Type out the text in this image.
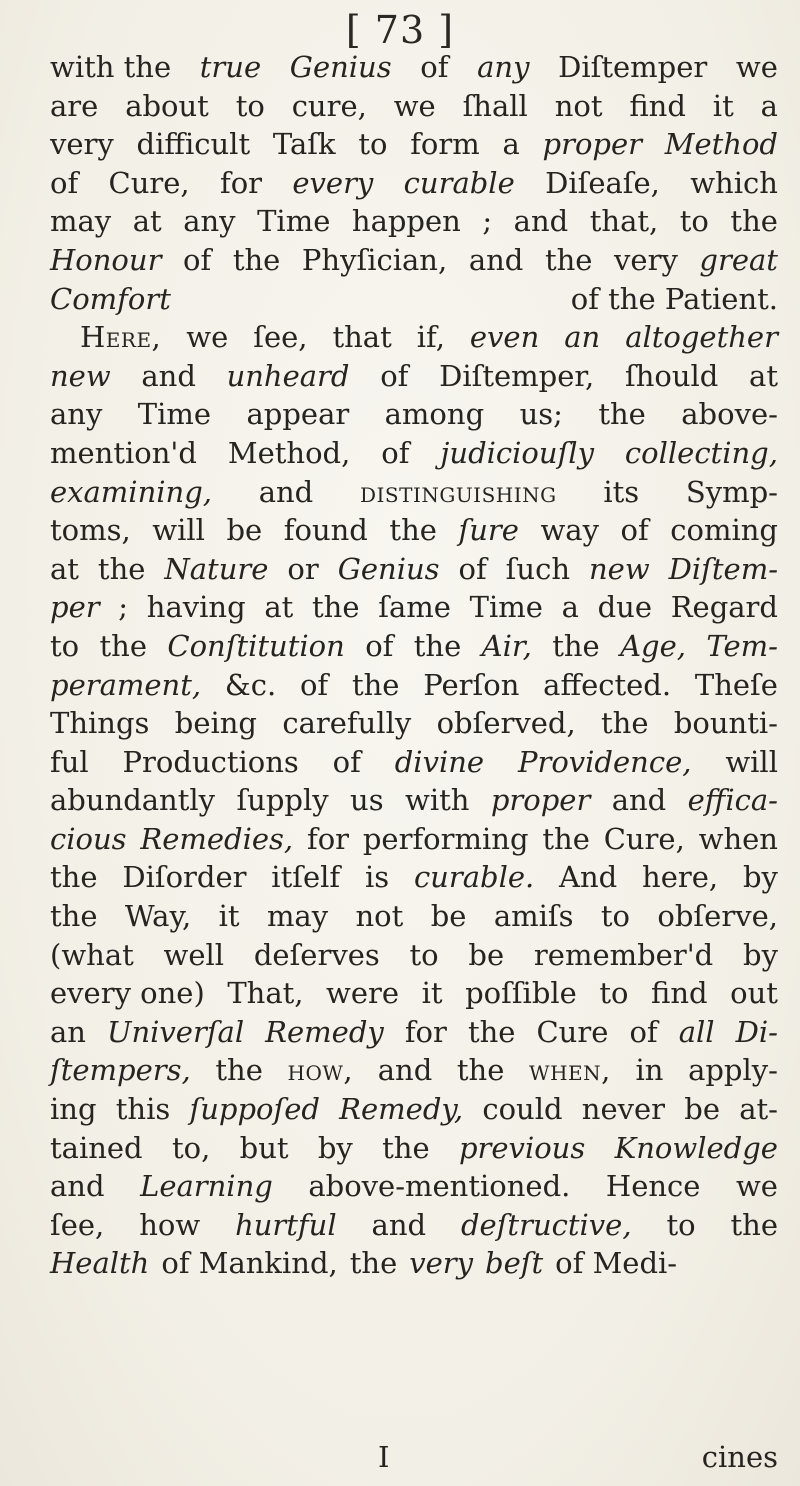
[ 73 ]
with the true Genius of any Diſtemper we
are about to cure, we ſhall not find it a
very difficult Taſk to form a proper Method
of Cure, for every curable Diſeaſe, which
may at any Time happen ; and that, to the
Honour of the Phyſician, and the very great
Comfort	of the Patient.
Here, we ſee, that if, even an altogether
new and unheard of Diſtemper, ſhould at
any Time appear among us; the above-
mention'd Method, of judiciouſly collecting,
examining, and distinguishing its Symp-
toms, will be found the ſure way of coming
at the Nature or Genius of ſuch new Diſtem-
per ; having at the ſame Time a due Regard
to the Conſtitution of the Air, the Age, Tem-
perament, &c. of the Perſon affected. Theſe
Things being carefully obſerved, the bounti-
ful Productions of divine Providence, will
abundantly ſupply us with proper and effica-
cious Remedies, for performing the Cure, when
the Diſorder itſelf is curable. And here, by
the Way, it may not be amiſs to obſerve,
(what well deſerves to be remember'd by
every one) That, were it poſſible to find out
an Univerſal Remedy for the Cure of all Di-
ſtempers, the how, and the when, in apply-
ing this ſuppoſed Remedy, could never be at-
tained to, but by the previous Knowledge
and Learning above-mentioned. Hence we
ſee, how hurtful and deſtructive, to the
Health of Mankind, the very beſt of Medi-
I	cines
